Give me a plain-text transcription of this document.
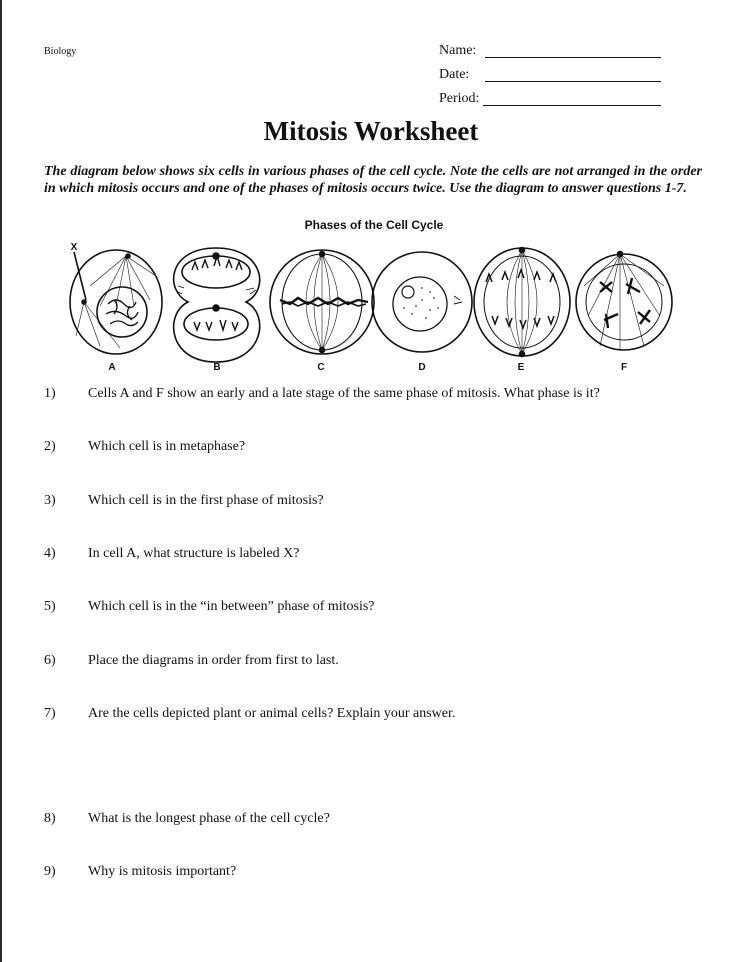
Biology	Name:
Date:
Period:
Mitosis Worksheet
The diagram below shows six cells in various phases of the cell cycle. Note the cells are not arranged in the order in which mitosis occurs and one of the phases of mitosis occurs twice. Use the diagram to answer questions 1-7.
Phases of the Cell Cycle
X
A	B	C	D	E	F
1) Cells A and F show an early and a late stage of the same phase of mitosis. What phase is it?
2) Which cell is in metaphase?
3) Which cell is in the first phase of mitosis?
4) In cell A, what structure is labeled X?
5) Which cell is in the “in between” phase of mitosis?
6) Place the diagrams in order from first to last.
7) Are the cells depicted plant or animal cells? Explain your answer.
8) What is the longest phase of the cell cycle?
9) Why is mitosis important?
